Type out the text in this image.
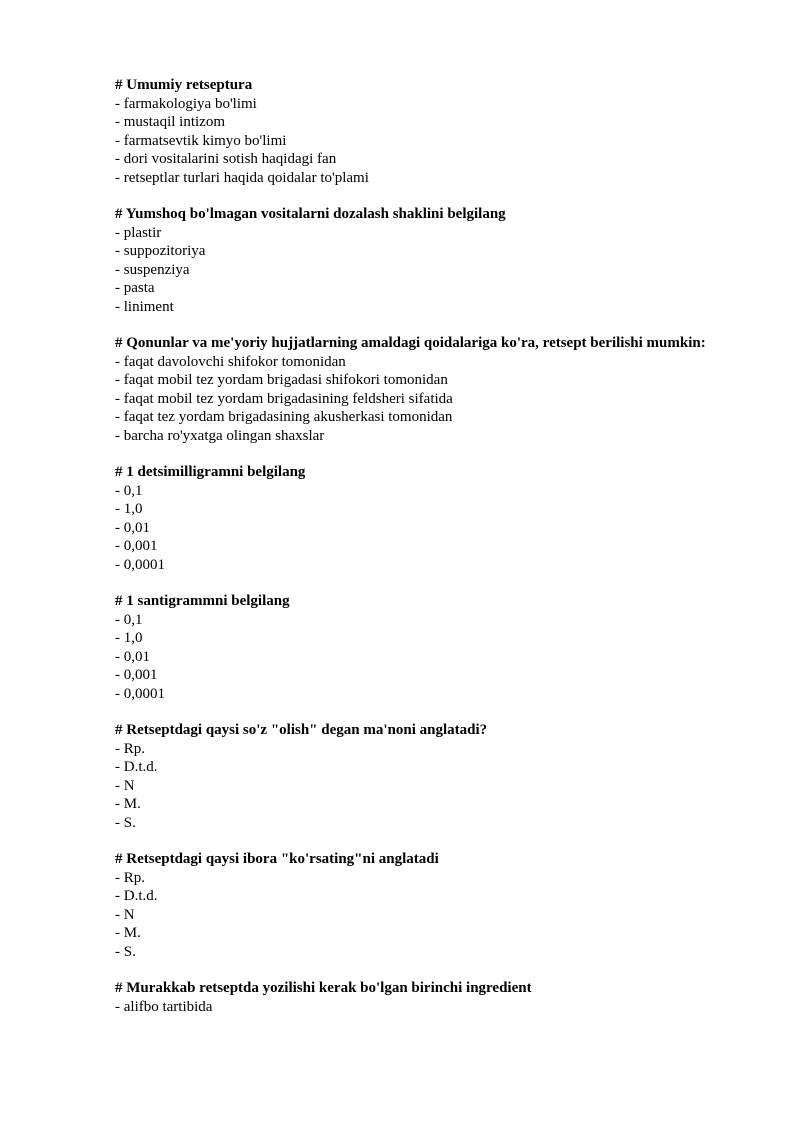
# Umumiy retseptura

- farmakologiya bo'limi
- mustaqil intizom
- farmatsevtik kimyo bo'limi
- dori vositalarini sotish haqidagi fan
- retseptlar turlari haqida qoidalar to'plami

# Yumshoq bo'lmagan vositalarni dozalash shaklini belgilang

- plastir
- suppozitoriya
- suspenziya
- pasta
- liniment

# Qonunlar va me'yoriy hujjatlarning amaldagi qoidalariga ko'ra, retsept berilishi mumkin:

- faqat davolovchi shifokor tomonidan
- faqat mobil tez yordam brigadasi shifokori tomonidan
- faqat mobil tez yordam brigadasining feldsheri sifatida
- faqat tez yordam brigadasining akusherkasi tomonidan
- barcha ro'yxatga olingan shaxslar

# 1 detsimilligramni belgilang

- 0,1
- 1,0
- 0,01
- 0,001
- 0,0001

# 1 santigrammni belgilang

- 0,1
- 1,0
- 0,01
- 0,001
- 0,0001

# Retseptdagi qaysi so'z "olish" degan ma'noni anglatadi?

- Rp.
- D.t.d.
- N
- M.
- S.

# Retseptdagi qaysi ibora "ko'rsating"ni anglatadi

- Rp.
- D.t.d.
- N
- M.
- S.

# Murakkab retseptda yozilishi kerak bo'lgan birinchi ingredient

- alifbo tartibida
